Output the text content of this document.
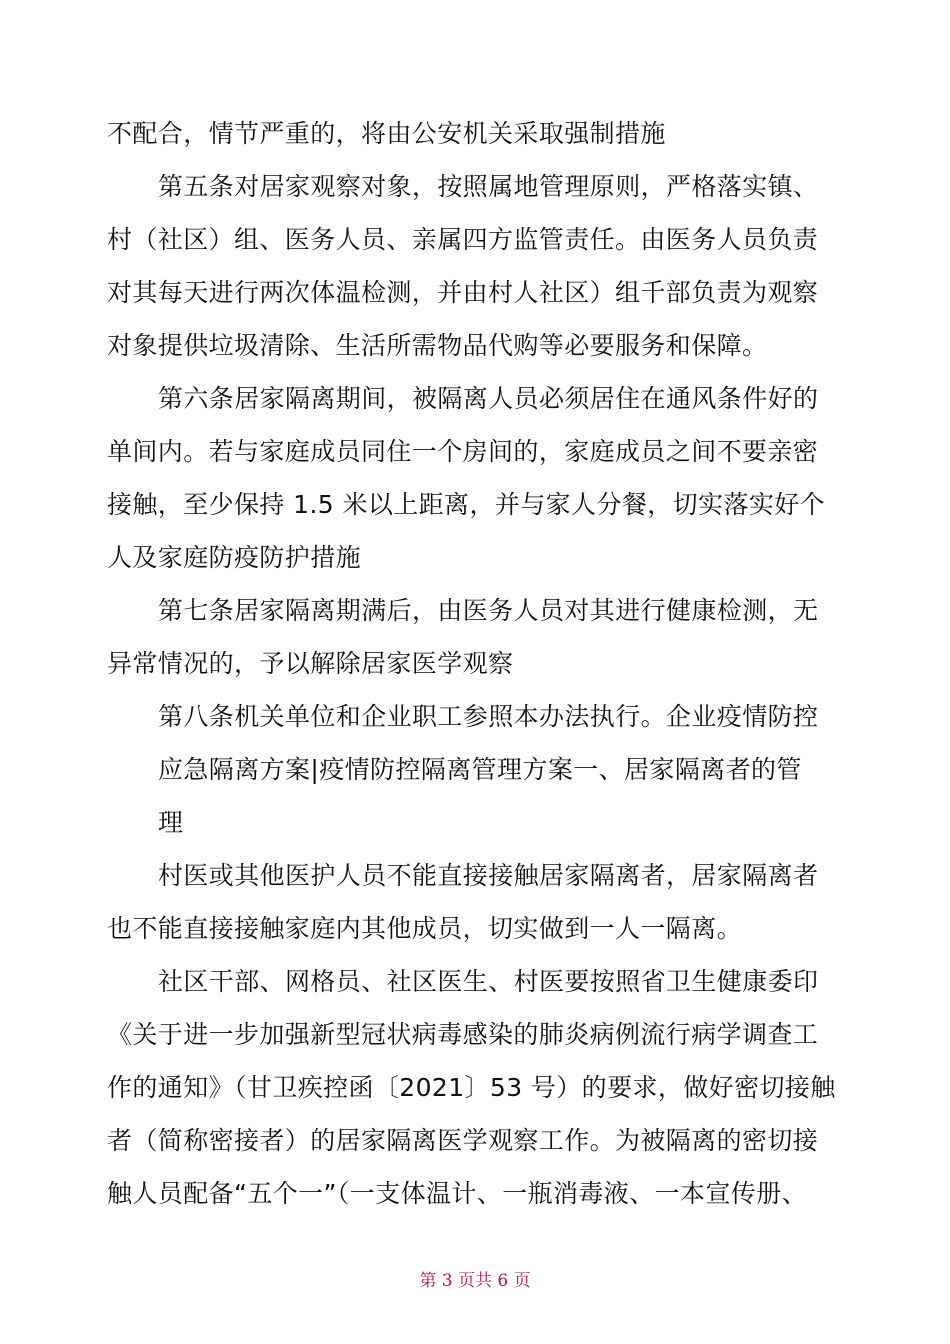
不配合，情节严重的，将由公安机关采取强制措施
第五条对居家观察对象，按照属地管理原则，严格落实镇、
村（社区）组、医务人员、亲属四方监管责任。由医务人员负责
对其每天进行两次体温检测，并由村人社区）组千部负责为观察
对象提供垃圾清除、生活所需物品代购等必要服务和保障。
第六条居家隔离期间，被隔离人员必须居住在通风条件好的
单间内。若与家庭成员同住一个房间的，家庭成员之间不要亲密
接触，至少保持 1.5 米以上距离，并与家人分餐，切实落实好个
人及家庭防疫防护措施
第七条居家隔离期满后，由医务人员对其进行健康检测，无
异常情况的，予以解除居家医学观察
第八条机关单位和企业职工参照本办法执行。企业疫情防控
应急隔离方案|疫情防控隔离管理方案一、居家隔离者的管
理
村医或其他医护人员不能直接接触居家隔离者，居家隔离者
也不能直接接触家庭内其他成员，切实做到一人一隔离。
社区干部、网格员、社区医生、村医要按照省卫生健康委印
《关于进一步加强新型冠状病毒感染的肺炎病例流行病学调查工
作的通知》（甘卫疾控函〔2021〕53 号）的要求，做好密切接触
者（简称密接者）的居家隔离医学观察工作。为被隔离的密切接
触人员配备“五个一”（一支体温计、一瓶消毒液、一本宣传册、
第 3 页共 6 页
